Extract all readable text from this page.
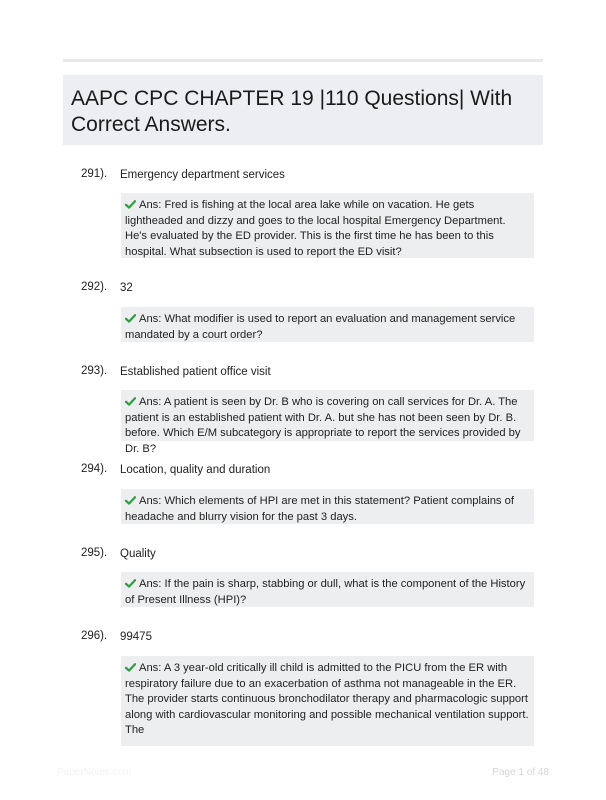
AAPC CPC CHAPTER 19 |110 Questions| With Correct Answers.
291). Emergency department services
Ans: Fred is fishing at the local area lake while on vacation. He gets lightheaded and dizzy and goes to the local hospital Emergency Department. He's evaluated by the ED provider. This is the first time he has been to this hospital. What subsection is used to report the ED visit?
292). 32
Ans: What modifier is used to report an evaluation and management service mandated by a court order?
293). Established patient office visit
Ans: A patient is seen by Dr. B who is covering on call services for Dr. A. The patient is an established patient with Dr. A. but she has not been seen by Dr. B. before. Which E/M subcategory is appropriate to report the services provided by Dr. B?
294). Location, quality and duration
Ans: Which elements of HPI are met in this statement? Patient complains of headache and blurry vision for the past 3 days.
295). Quality
Ans: If the pain is sharp, stabbing or dull, what is the component of the History of Present Illness (HPI)?
296). 99475
Ans: A 3 year-old critically ill child is admitted to the PICU from the ER with respiratory failure due to an exacerbation of asthma not manageable in the ER. The provider starts continuous bronchodilator therapy and pharmacologic support along with cardiovascular monitoring and possible mechanical ventilation support. The
PaperNotes.com	Page 1 of 48
